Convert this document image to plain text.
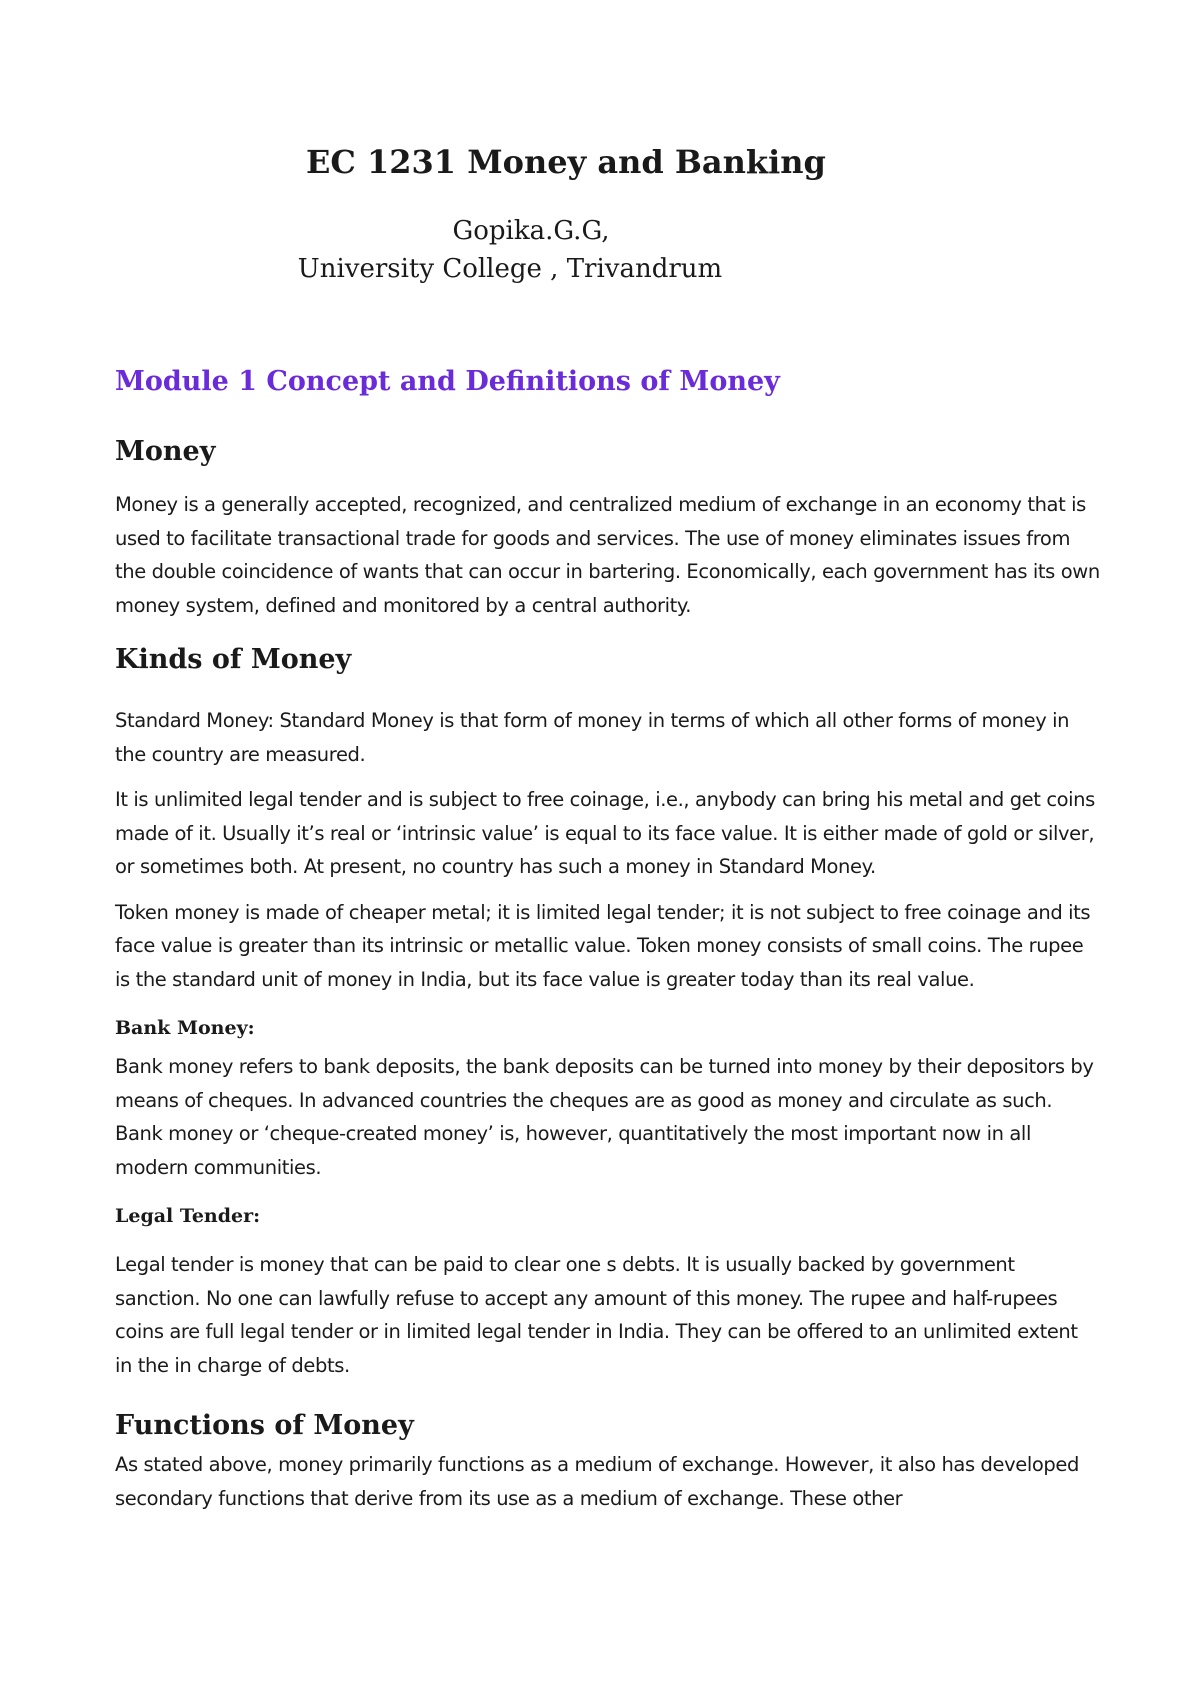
EC 1231 Money and Banking
Gopika.G.G,
University College , Trivandrum
Module 1 Concept and Definitions of Money
Money

Money is a generally accepted, recognized, and centralized medium of exchange in an economy that is used to facilitate transactional trade for goods and services. The use of money eliminates issues from the double coincidence of wants that can occur in bartering. Economically, each government has its own money system, defined and monitored by a central authority.

Kinds of Money

Standard Money: Standard Money is that form of money in terms of which all other forms of money in the country are measured.

It is unlimited legal tender and is subject to free coinage, i.e., anybody can bring his metal and get coins made of it. Usually it’s real or ‘intrinsic value’ is equal to its face value. It is either made of gold or silver, or sometimes both. At present, no country has such a money in Standard Money.

Token money is made of cheaper metal; it is limited legal tender; it is not subject to free coinage and its face value is greater than its intrinsic or metallic value. Token money consists of small coins. The rupee is the standard unit of money in India, but its face value is greater today than its real value.

Bank Money:

Bank money refers to bank deposits, the bank deposits can be turned into money by their depositors by means of cheques. In advanced countries the cheques are as good as money and circulate as such. Bank money or ‘cheque-created money’ is, however, quantitatively the most important now in all modern communities.

Legal Tender:

Legal tender is money that can be paid to clear one s debts. It is usually backed by government sanction. No one can lawfully refuse to accept any amount of this money. The rupee and half-rupees coins are full legal tender or in limited legal tender in India. They can be offered to an unlimited extent in the in charge of debts.

Functions of Money

As stated above, money primarily functions as a medium of exchange. However, it also has developed secondary functions that derive from its use as a medium of exchange. These other
